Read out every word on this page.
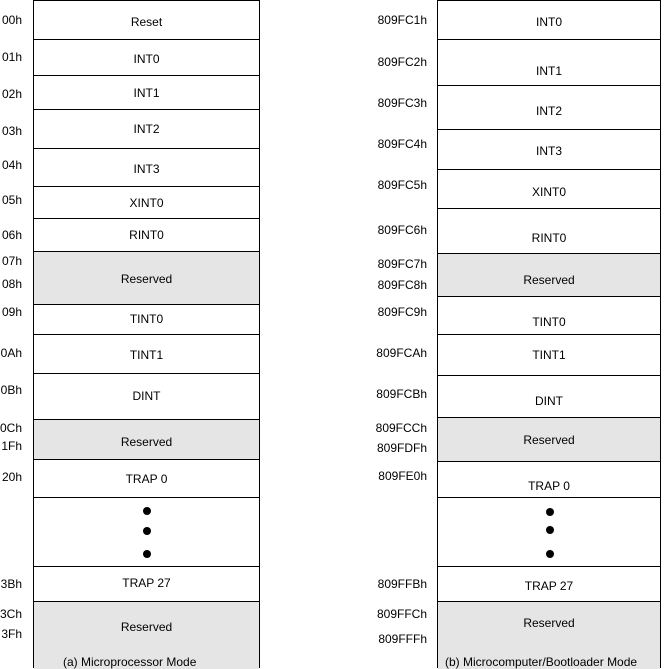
Reset
INT0
INT1
INT2
INT3
XINT0
RINT0
Reserved
TINT0
TINT1
DINT
Reserved
TRAP 0
TRAP 27
Reserved
00h
01h
02h
03h
04h
05h
06h
07h
08h
09h
0Ah
0Bh
0Ch
1Fh
20h
3Bh
3Ch
3Fh
INT0
INT1
INT2
INT3
XINT0
RINT0
Reserved
TINT0
TINT1
DINT
Reserved
TRAP 0
TRAP 27
Reserved
809FC1h
809FC2h
809FC3h
809FC4h
809FC5h
809FC6h
809FC7h
809FC8h
809FC9h
809FCAh
809FCBh
809FCCh
809FDFh
809FE0h
809FFBh
809FFCh
809FFFh
(a) Microprocessor Mode	(b) Microcomputer/Bootloader Mode
